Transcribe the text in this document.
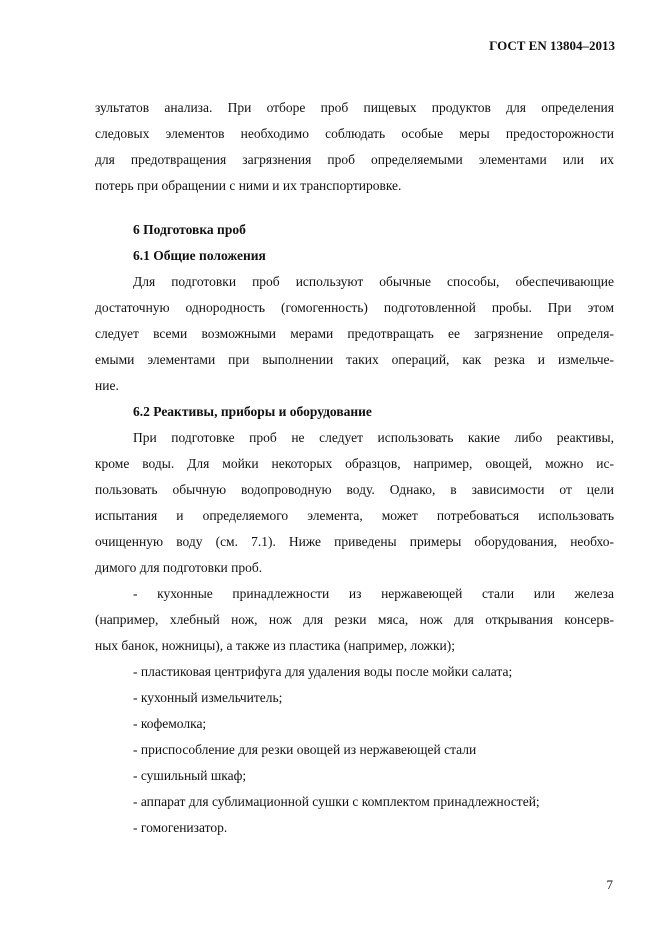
ГОСТ EN 13804–2013
зультатов анализа. При отборе проб пищевых продуктов для определения
следовых элементов необходимо соблюдать особые меры предосторожности
для предотвращения загрязнения проб определяемыми элементами или их
потерь при обращении с ними и их транспортировке.
6 Подготовка проб
6.1 Общие положения
Для подготовки проб используют обычные способы, обеспечивающие
достаточную однородность (гомогенность) подготовленной пробы. При этом
следует всеми возможными мерами предотвращать ее загрязнение определя-
емыми элементами при выполнении таких операций, как резка и измельче-
ние.
6.2 Реактивы, приборы и оборудование
При подготовке проб не следует использовать какие либо реактивы,
кроме воды. Для мойки некоторых образцов, например, овощей, можно ис-
пользовать обычную водопроводную воду. Однако, в зависимости от цели
испытания и определяемого элемента, может потребоваться использовать
очищенную воду (см. 7.1). Ниже приведены примеры оборудования, необхо-
димого для подготовки проб.
- кухонные принадлежности из нержавеющей стали или железа
(например, хлебный нож, нож для резки мяса, нож для открывания консерв-
ных банок, ножницы), а также из пластика (например, ложки);
- пластиковая центрифуга для удаления воды после мойки салата;
- кухонный измельчитель;
- кофемолка;
- приспособление для резки овощей из нержавеющей стали
- сушильный шкаф;
- аппарат для сублимационной сушки с комплектом принадлежностей;
- гомогенизатор.
7
